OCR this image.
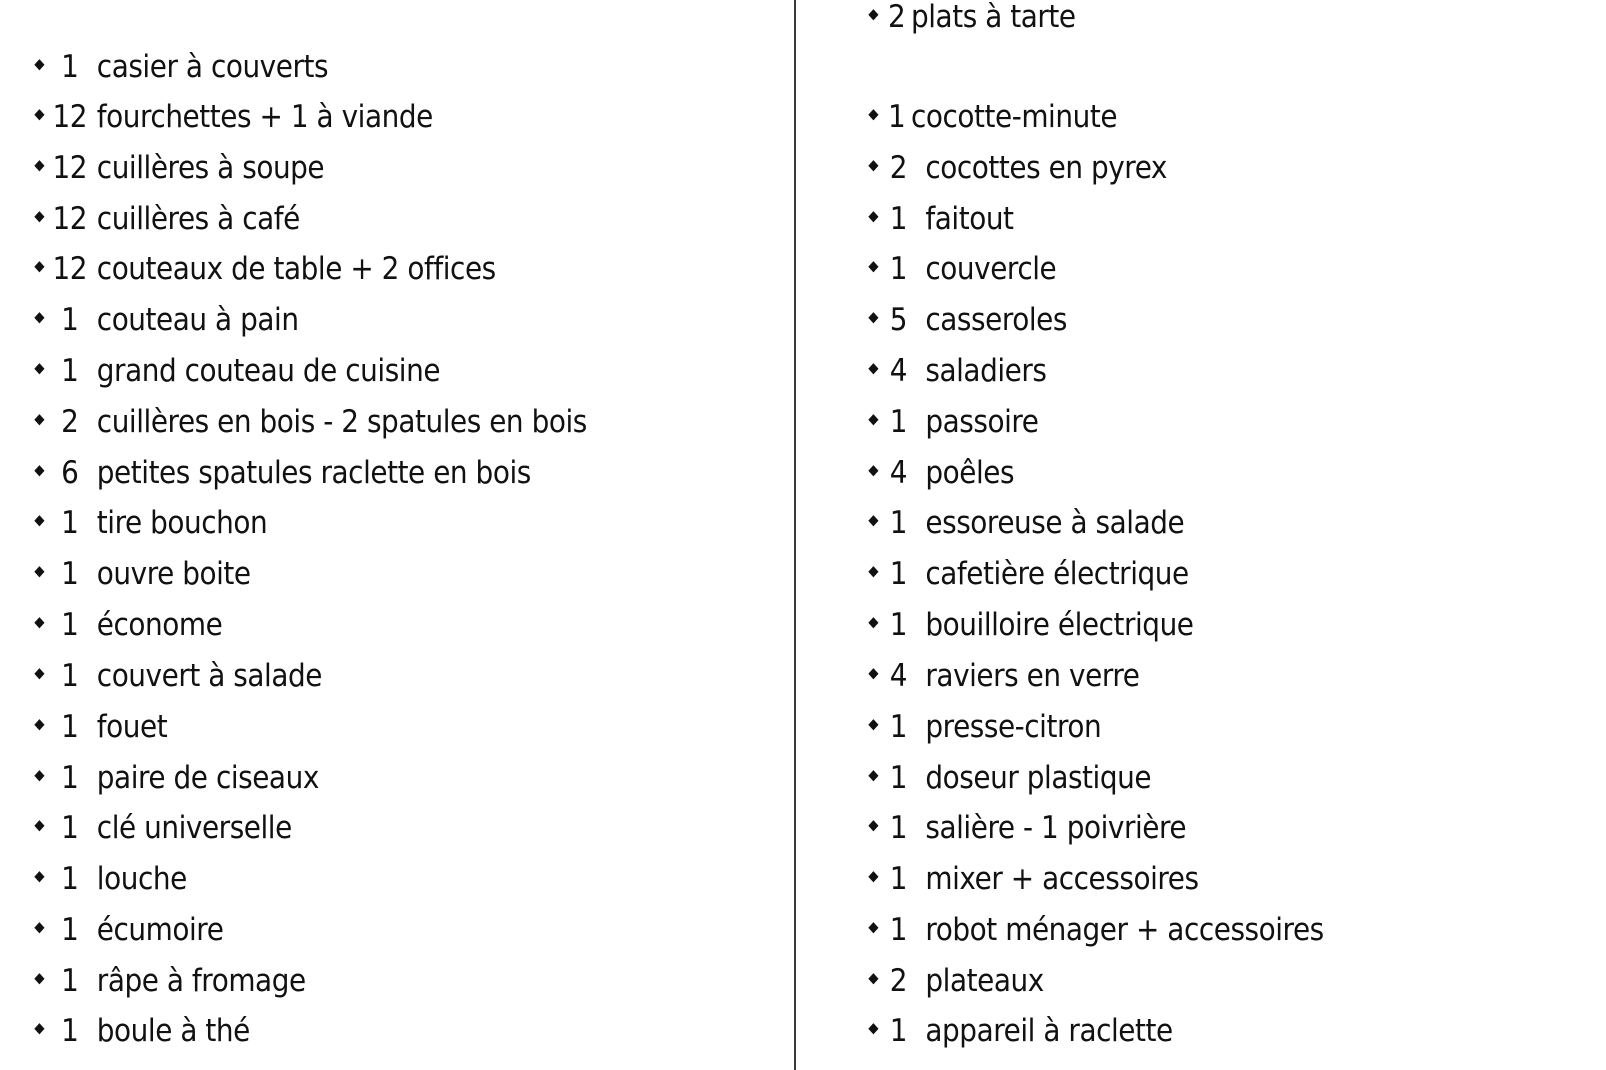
1 casier à couverts
12 fourchettes + 1 à viande
12 cuillères à soupe
12 cuillères à café
12 couteaux de table + 2 offices
1 couteau à pain
1 grand couteau de cuisine
2 cuillères en bois - 2 spatules en bois
6 petites spatules raclette en bois
1 tire bouchon
1 ouvre boite
1 économe
1 couvert à salade
1 fouet
1 paire de ciseaux
1 clé universelle
1 louche
1 écumoire
1 râpe à fromage
1 boule à thé
2 plats à tarte
1 cocotte-minute
2 cocottes en pyrex
1 faitout
1 couvercle
5 casseroles
4 saladiers
1 passoire
4 poêles
1 essoreuse à salade
1 cafetière électrique
1 bouilloire électrique
4 raviers en verre
1 presse-citron
1 doseur plastique
1 salière - 1 poivrière
1 mixer + accessoires
1 robot ménager + accessoires
2 plateaux
1 appareil à raclette
